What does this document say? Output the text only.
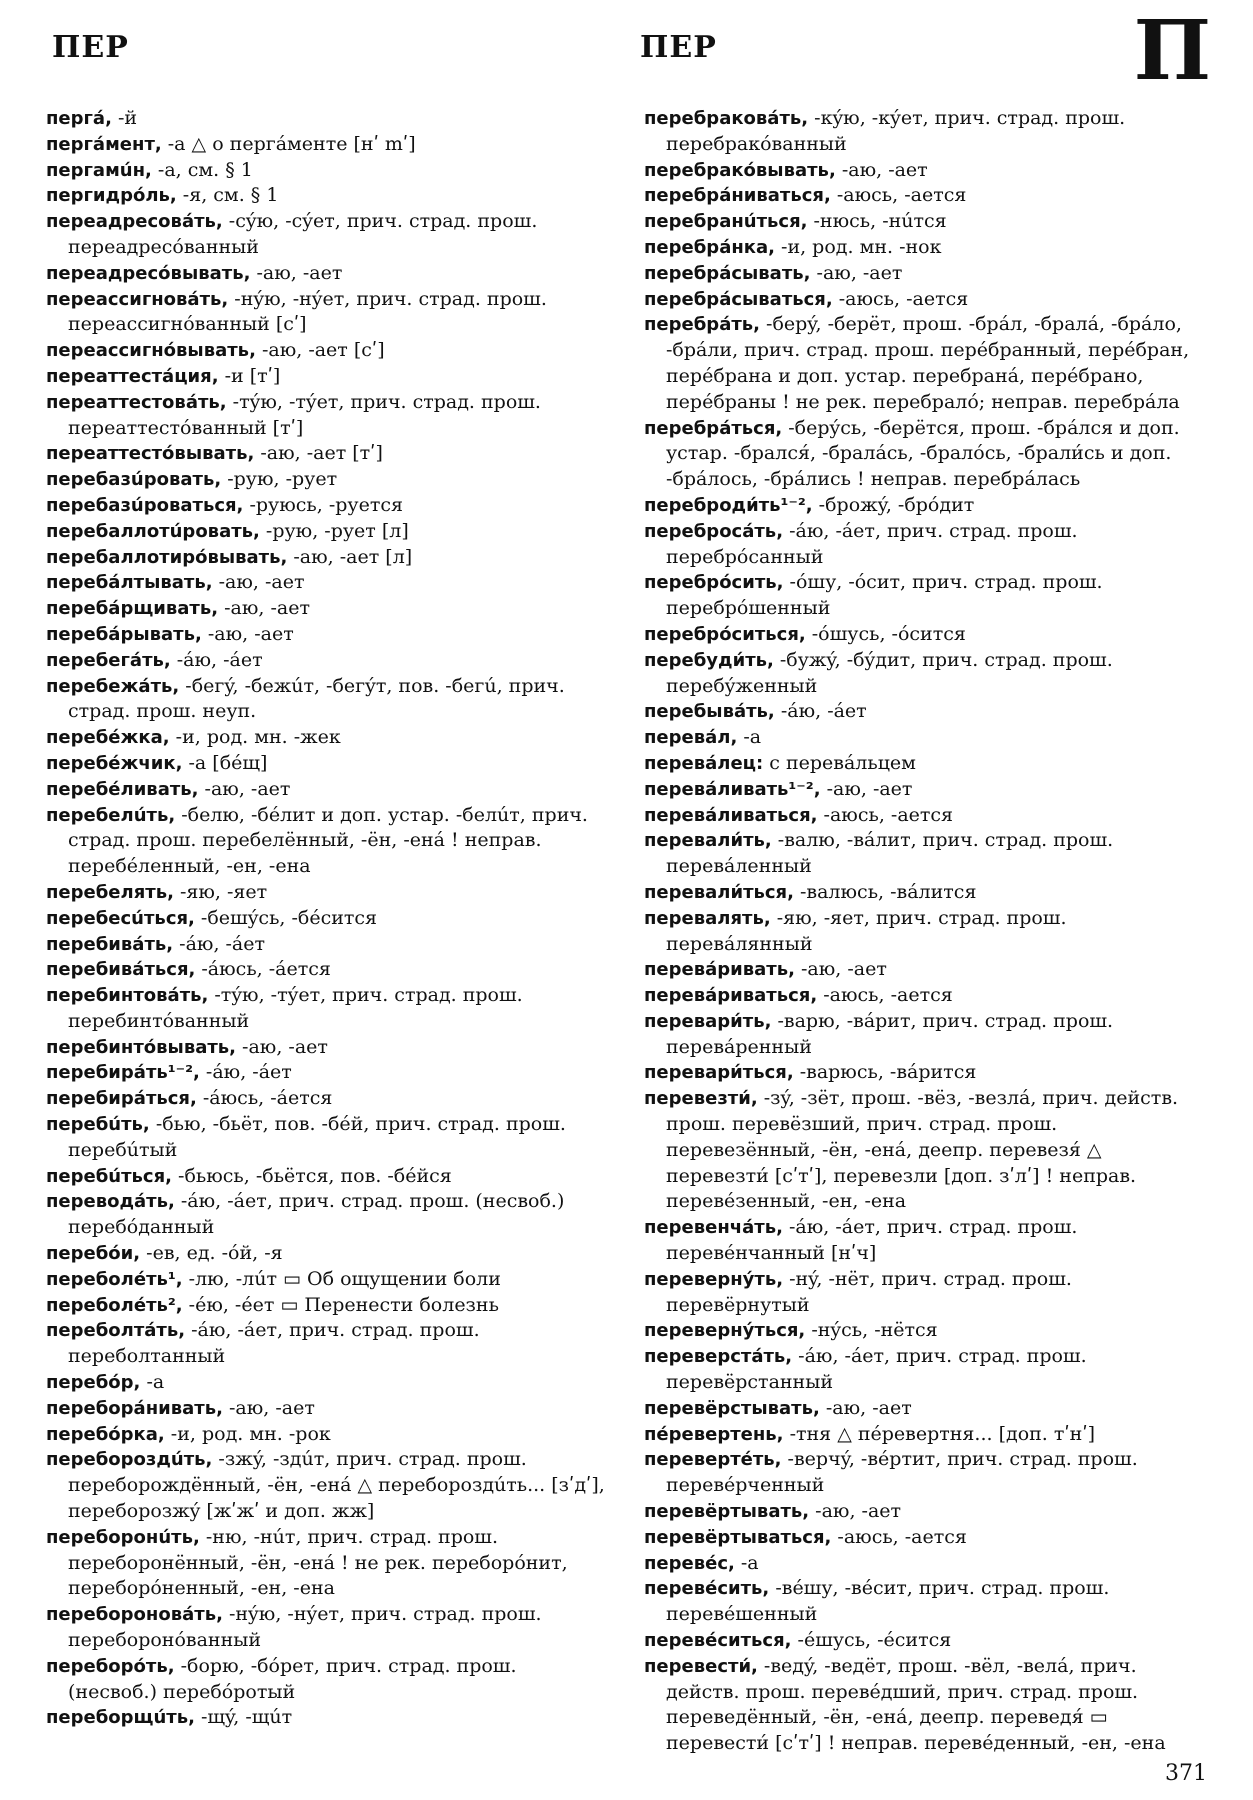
ПЕР	ПЕР	П
пергá, -й
пергáмент, -а △ о пергáменте [нʹ mʹ]
пергамúн, -а, см. § 1
пергидрóль, -я, см. § 1
переадресовáть, -сýю, -сýет, прич. страд. прош. переадресóванный
переадресóвывать, -аю, -ает
переассигновáть, -нýю, -нýет, прич. страд. прош. переассигнóванный [сʹ]
переассигнóвывать, -аю, -ает [сʹ]
переаттестáция, -и [тʹ]
переаттестовáть, -тýю, -тýет, прич. страд. прош. переаттестóванный [тʹ]
переаттестóвывать, -аю, -ает [тʹ]
перебазúровать, -рую, -рует
перебазúроваться, -руюсь, -руется
перебаллотúровать, -рую, -рует [л]
перебаллотирóвывать, -аю, -ает [л]
перебáлтывать, -аю, -ает
перебáрщивать, -аю, -ает
перебáрывать, -аю, -ает
перебегáть, -áю, -áет
перебежáть, -бегý, -бежúт, -бегýт, пов. -бегú, прич. страд. прош. неуп.
перебéжка, -и, род. мн. -жек
перебéжчик, -а [бéщ]
перебéливать, -аю, -ает
перебелúть, -белю, -бéлит и доп. устар. -белúт, прич. страд. прош. перебелённый, -ён, -енá ! неправ. перебéленный, -ен, -ена
перебелять, -яю, -яет
перебесúться, -бешýсь, -бéсится
перебивáть, -áю, -áет
перебивáться, -áюсь, -áется
перебинтовáть, -тýю, -тýет, прич. страд. прош. перебинтóванный
перебинтóвывать, -аю, -ает
перебирáть¹⁻², -áю, -áет
перебирáться, -áюсь, -áется
перебúть, -бью, -бьёт, пов. -бéй, прич. страд. прош. перебúтый
перебúться, -бьюсь, -бьётся, пов. -бéйся
переводáть, -áю, -áет, прич. страд. прош. (несвоб.) перебóданный
перебóи, -ев, ед. -óй, -я
переболéть¹, -лю, -лúт ▭ Об ощущении боли
переболéть², -éю, -éет ▭ Перенести болезнь
переболтáть, -áю, -áет, прич. страд. прош. переболтанный
перебóр, -а
переборáнивать, -аю, -ает
перебóрка, -и, род. мн. -рок
перебороздúть, -зжý, -здúт, прич. страд. прош. переборождённый, -ён, -енá △ перебороздúть... [зʹдʹ], переборозжý [жʹжʹ и доп. жж]
переборонúть, -ню, -нúт, прич. страд. прош. переборонённый, -ён, -енá ! не рек. переборóнит, переборóненный, -ен, -ена
перебороновáть, -нýю, -нýет, прич. страд. прош. переборонóванный
переборóть, -борю, -бóрет, прич. страд. прош. (несвоб.) перебóротый
переборщúть, -щý, -щúт
перебраковáть, -кýю, -кýет, прич. страд. прош. перебракóванный
перебракóвывать, -аю, -ает
перебрáниваться, -аюсь, -ается
перебранúться, -нюсь, -нúтся
перебрáнка, -и, род. мн. -нок
перебрáсывать, -аю, -ает
перебрáсываться, -аюсь, -ается
перебрáть, -берý, -берёт, прош. -брáл, -бралá, -брáло, -брáли, прич. страд. прош. перéбранный, перéбран, перéбрана и доп. устар. перебранá, перéбрано, перéбраны ! не рек. перебралó; неправ. перебрáла
перебрáться, -берýсь, -берётся, прош. -брáлся и доп. устар. -брался́, -бралáсь, -брало́сь, -брали́сь и доп. -брáлось, -брáлись ! неправ. перебрáлась
переброди́ть¹⁻², -брожý, -брóдит
перебросáть, -áю, -áет, прич. страд. прош. перебрóсанный
перебрóсить, -óшу, -óсит, прич. страд. прош. перебрóшенный
перебрóситься, -óшусь, -óсится
перебуди́ть, -бужý, -бýдит, прич. страд. прош. перебýженный
перебывáть, -áю, -áет
перевáл, -а
перевáлец: с перевáльцем
перевáливать¹⁻², -аю, -ает
перевáливаться, -аюсь, -ается
перевали́ть, -валю, -вáлит, прич. страд. прош. перевáленный
перевали́ться, -валюсь, -вáлится
перевалять, -яю, -яет, прич. страд. прош. перевáлянный
перевáривать, -аю, -ает
перевáриваться, -аюсь, -ается
перевари́ть, -варю, -вáрит, прич. страд. прош. перевáренный
перевари́ться, -варюсь, -вáрится
перевезти́, -зý, -зёт, прош. -вёз, -везлá, прич. действ. прош. перевёзший, прич. страд. прош. перевезённый, -ён, -енá, деепр. перевезя́ △ перевезти́ [сʹтʹ], перевезли [доп. зʹлʹ] ! неправ. перевéзенный, -ен, -ена
перевенчáть, -áю, -áет, прич. страд. прош. перевéнчанный [нʹч]
переверну́ть, -нý, -нёт, прич. страд. прош. перевёрнутый
переверну́ться, -нýсь, -нётся
переверстáть, -áю, -áет, прич. страд. прош. перевёрстанный
перевёрстывать, -аю, -ает
пéревертень, -тня △ пéревертня... [доп. тʹнʹ]
переверте́ть, -верчý, -вéртит, прич. страд. прош. перевéрченный
перевёртывать, -аю, -ает
перевёртываться, -аюсь, -ается
перевéс, -а
перевéсить, -вéшу, -вéсит, прич. страд. прош. перевéшенный
перевéситься, -éшусь, -éсится
перевести́, -ведý, -ведёт, прош. -вёл, -велá, прич. действ. прош. перевéдший, прич. страд. прош. переведённый, -ён, -енá, деепр. переведя́ ▭ перевести́ [сʹтʹ] ! неправ. перевéденный, -ен, -ена
371
